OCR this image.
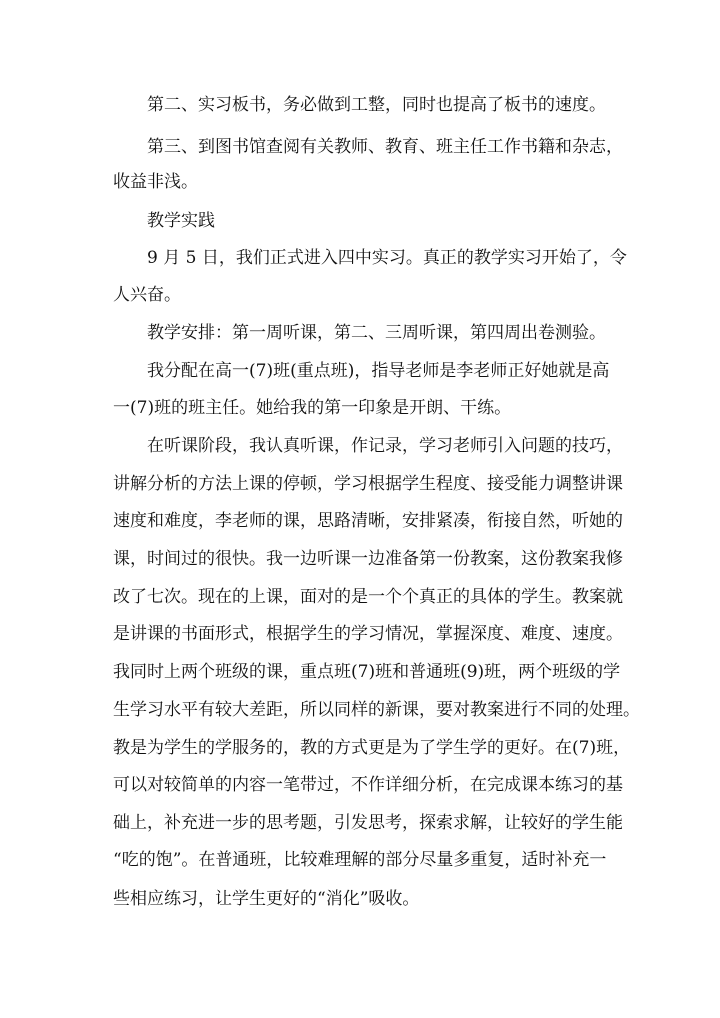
第二、实习板书，务必做到工整，同时也提高了板书的速度。
第三、到图书馆查阅有关教师、教育、班主任工作书籍和杂志，
收益非浅。
教学实践
9 月 5 日，我们正式进入四中实习。真正的教学实习开始了，令
人兴奋。
教学安排：第一周听课，第二、三周听课，第四周出卷测验。
我分配在高一(7)班(重点班)，指导老师是李老师正好她就是高
一(7)班的班主任。她给我的第一印象是开朗、干练。
在听课阶段，我认真听课，作记录，学习老师引入问题的技巧，
讲解分析的方法上课的停顿，学习根据学生程度、接受能力调整讲课
速度和难度，李老师的课，思路清晰，安排紧凑，衔接自然，听她的
课，时间过的很快。我一边听课一边准备第一份教案，这份教案我修
改了七次。现在的上课，面对的是一个个真正的具体的学生。教案就
是讲课的书面形式，根据学生的学习情况，掌握深度、难度、速度。
我同时上两个班级的课，重点班(7)班和普通班(9)班，两个班级的学
生学习水平有较大差距，所以同样的新课，要对教案进行不同的处理。
教是为学生的学服务的，教的方式更是为了学生学的更好。在(7)班，
可以对较简单的内容一笔带过，不作详细分析，在完成课本练习的基
础上，补充进一步的思考题，引发思考，探索求解，让较好的学生能
“吃的饱”。在普通班，比较难理解的部分尽量多重复，适时补充一
些相应练习，让学生更好的“消化”吸收。
